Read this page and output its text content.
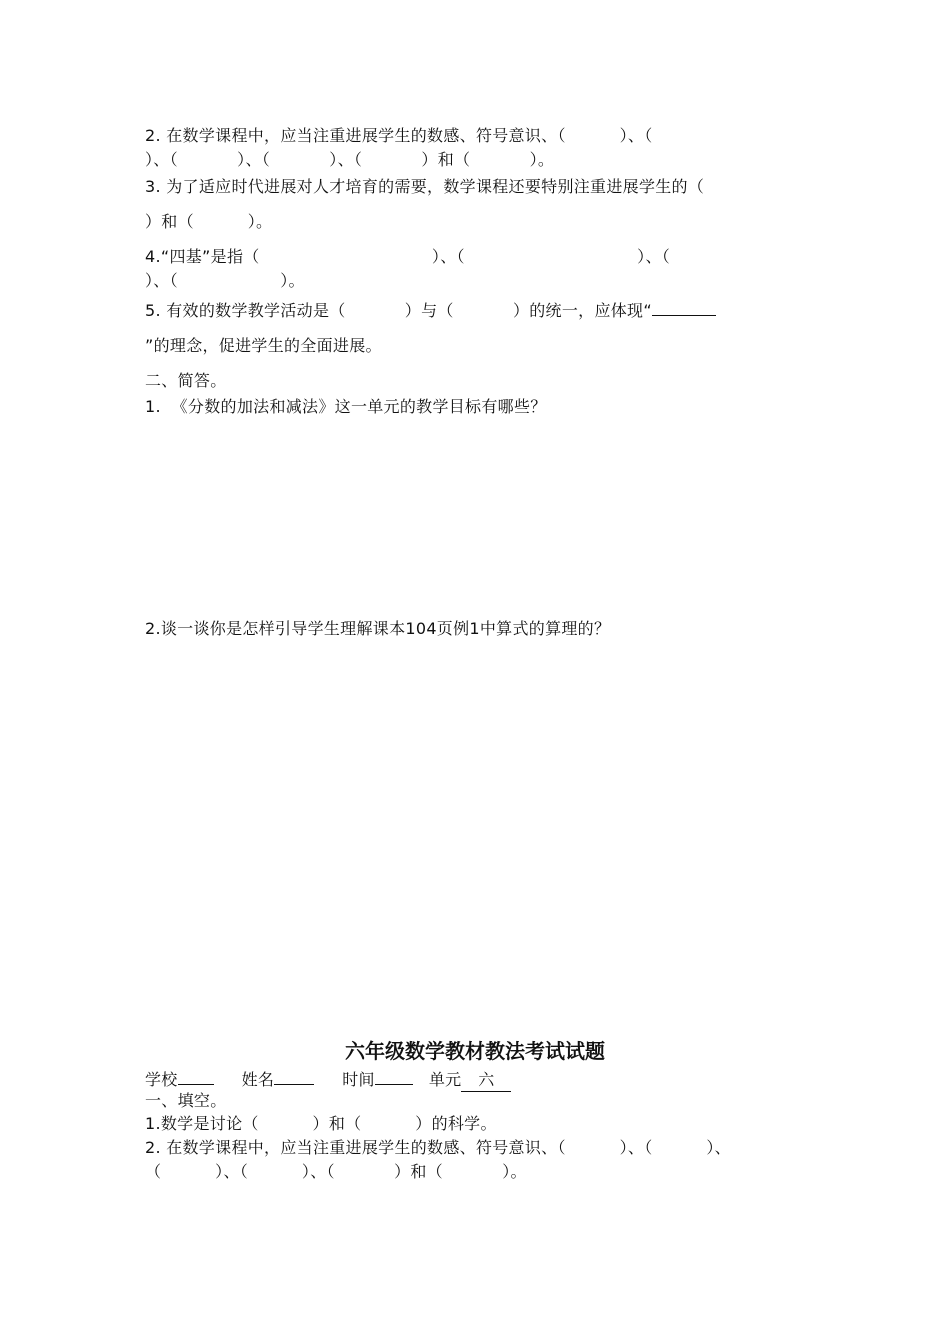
2. 在数学课程中，应当注重进展学生的数感、符号意识、（          ）、（
）、（           ）、（           ）、（           ）和（           ）。
3. 为了适应时代进展对人才培育的需要，数学课程还要特别注重进展学生的（
）和（          ）。
4.“四基”是指（                                ）、（                                ）、（
）、（                   ）。
5. 有效的数学教学活动是（           ）与（           ）的统一，应体现“
”的理念，促进学生的全面进展。
二、简答。
1.  《分数的加法和减法》这一单元的教学目标有哪些？
2.谈一谈你是怎样引导学生理解课本104页例1中算式的算理的？
六年级数学教材教法考试试题
学校	姓名	时间	单元 六
一、填空。
1.数学是讨论（          ）和（          ）的科学。
2. 在数学课程中，应当注重进展学生的数感、符号意识、（          ）、（          ）、
（          ）、（          ）、（           ）和（           ）。
